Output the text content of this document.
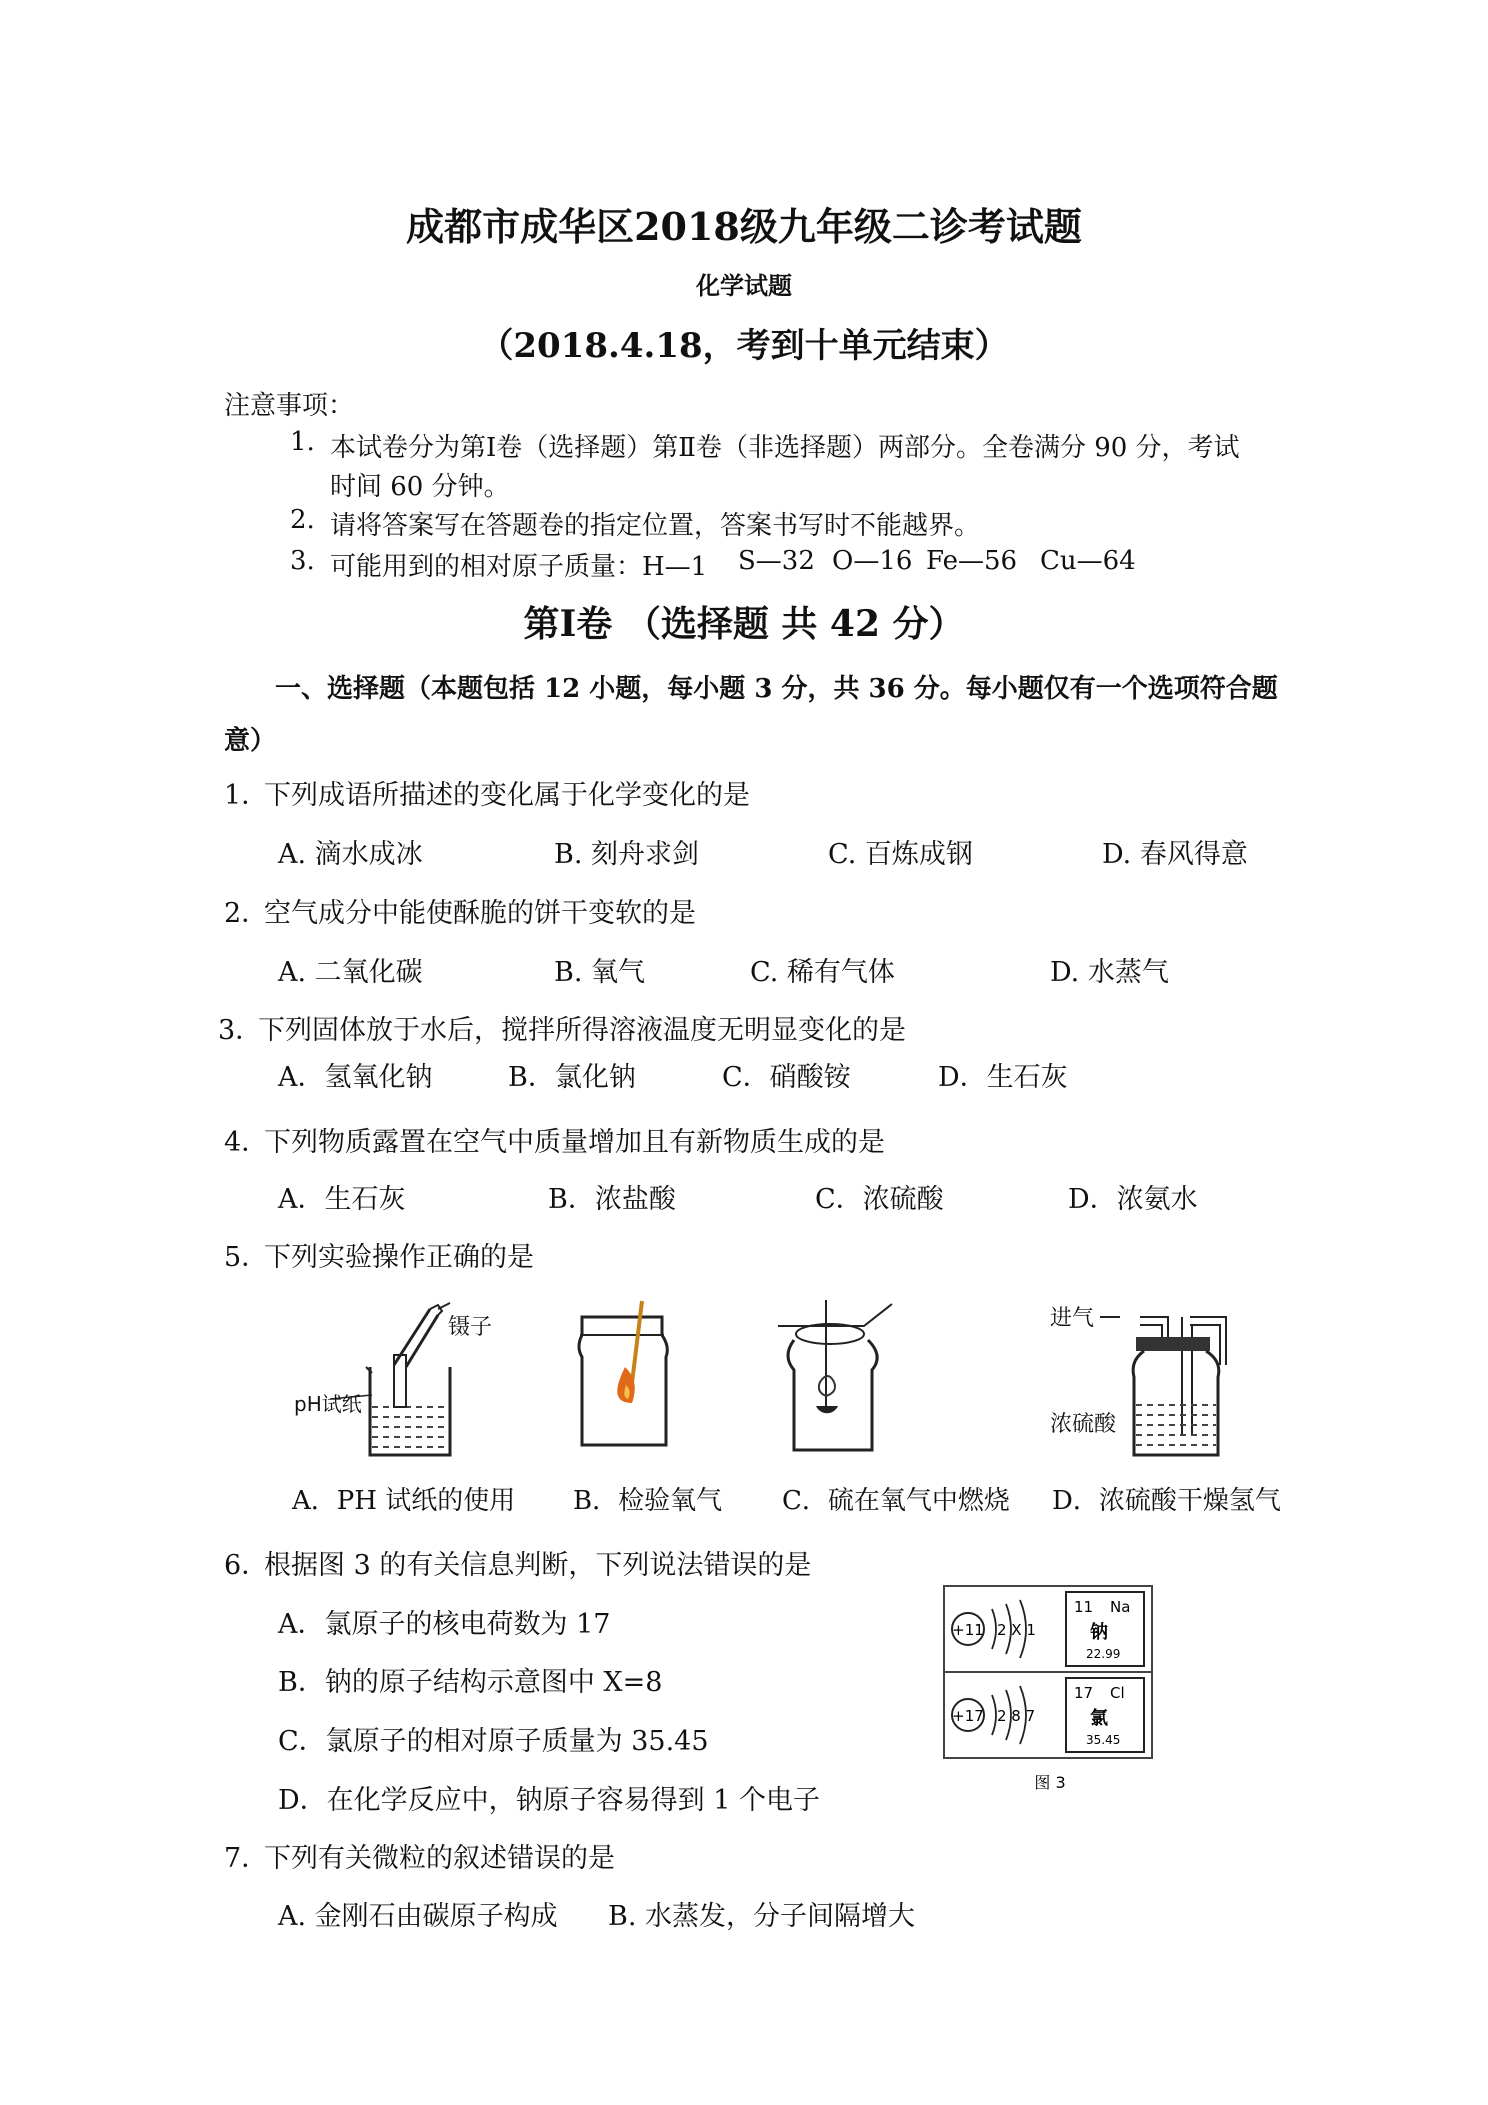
成都市成华区2018级九年级二诊考试题
化学试题
（2018.4.18，考到十单元结束）
注意事项：
1. 本试卷分为第Ⅰ卷（选择题）第Ⅱ卷（非选择题）两部分。全卷满分 90 分，考试
时间 60 分钟。
2. 请将答案写在答题卷的指定位置，答案书写时不能越界。
3. 可能用到的相对原子质量：H—1 S—32 O—16 Fe—56 Cu—64
第Ⅰ卷 （选择题 共 42 分）
一、选择题（本题包括 12 小题，每小题 3 分，共 36 分。每小题仅有一个选项符合题
意）
1．
下列成语所描述的变化属于化学变化的是
A. 滴水成冰	B. 刻舟求剑	C. 百炼成钢	D. 春风得意
2．
空气成分中能使酥脆的饼干变软的是
A. 二氧化碳	B. 氧气	C. 稀有气体	D. 水蒸气
3．
下列固体放于水后，搅拌所得溶液温度无明显变化的是
A．氢氧化钠	B．氯化钠	C．硝酸铵	D．生石灰
4．
下列物质露置在空气中质量增加且有新物质生成的是
A．生石灰	B．浓盐酸	C．浓硫酸	D．浓氨水
5．
下列实验操作正确的是
镊子
pH试纸
进气
浓硫酸
A．PH 试纸的使用 B．检验氧气 C．硫在氧气中燃烧 D．浓硫酸干燥氢气
6．
根据图 3 的有关信息判断，下列说法错误的是
A．氯原子的核电荷数为 17
B．钠的原子结构示意图中 X=8
C．氯原子的相对原子质量为 35.45
D．在化学反应中，钠原子容易得到 1 个电子
+11 2 X 1
11 Na
钠
22.99
+17 2 8 7
17 Cl
氯
35.45
图 3
7．
下列有关微粒的叙述错误的是
A. 金刚石由碳原子构成 B. 水蒸发，分子间隔增大
